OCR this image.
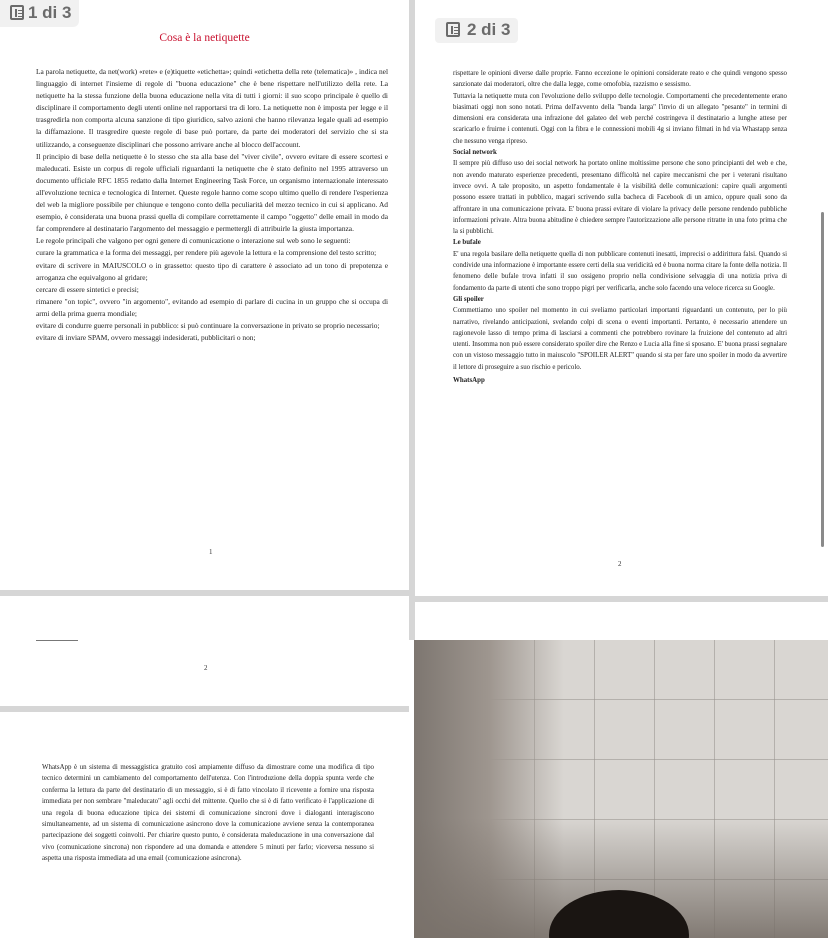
1 di 3
Cosa è la netiquette

La parola netiquette, da net(work) «rete» e (e)tiquette «etichetta»; quindi «etichetta della rete (telematica)» , indica nel linguaggio di internet l'insieme di regole di "buona educazione" che è bene rispettare nell'utilizzo della rete. La netiquette ha la stessa funzione della buona educazione nella vita di tutti i giorni: il suo scopo principale è quello di disciplinare il comportamento degli utenti online nel rapportarsi tra di loro. La netiquette non è imposta per legge e il trasgredirla non comporta alcuna sanzione di tipo giuridico, salvo azioni che hanno rilevanza legale quali ad esempio la diffamazione. Il trasgredire queste regole di base può portare, da parte dei moderatori del servizio che si sta utilizzando, a conseguenze disciplinari che possono arrivare anche al blocco dell'account.

Il principio di base della netiquette è lo stesso che sta alla base del "viver civile", ovvero evitare di essere scortesi e maleducati. Esiste un corpus di regole ufficiali riguardanti la netiquette che è stato definito nel 1995 attraverso un documento ufficiale RFC 1855 redatto dalla Internet Engineering Task Force, un organismo internazionale interessato all'evoluzione tecnica e tecnologica di Internet. Queste regole hanno come scopo ultimo quello di rendere l'esperienza del web la migliore possibile per chiunque e tengono conto della peculiarità del mezzo tecnico in cui si applicano. Ad esempio, è considerata una buona prassi quella di compilare correttamente il campo "oggetto" delle email in modo da far comprendere al destinatario l'argomento del messaggio e permettergli di attribuirle la giusta importanza.

Le regole principali che valgono per ogni genere di comunicazione o interazione sul web sono le seguenti:

curare la grammatica e la forma dei messaggi, per rendere più agevole la lettura e la comprensione del testo scritto;

evitare di scrivere in MAIUSCOLO o in grassetto: questo tipo di carattere è associato ad un tono di prepotenza e arroganza che equivalgono al gridare;

cercare di essere sintetici e precisi;

rimanere "on topic", ovvero "in argomento", evitando ad esempio di parlare di cucina in un gruppo che si occupa di armi della prima guerra mondiale;

evitare di condurre guerre personali in pubblico: si può continuare la conversazione in privato se proprio necessario;

evitare di inviare SPAM, ovvero messaggi indesiderati, pubblicitari o non;

1
2 di 3

rispettare le opinioni diverse dalle proprie. Fanno eccezione le opinioni considerate reato e che quindi vengono spesso sanzionate dai moderatori, oltre che dalla legge, come omofobia, razzismo e sessismo.

Tuttavia la netiquette muta con l'evoluzione dello sviluppo delle tecnologie. Comportamenti che precedentemente erano biasimati oggi non sono notati. Prima dell'avvento della "banda larga" l'invio di un allegato "pesante" in termini di dimensioni era considerata una infrazione del galateo del web perché costringeva il destinatario a lunghe attese per scaricarlo e fruirne i contenuti. Oggi con la fibra e le connessioni mobili 4g si inviano filmati in hd via Whastapp senza che nessuno venga ripreso.

Social network

Il sempre più diffuso uso dei social network ha portato online moltissime persone che sono principianti del web e che, non avendo maturato esperienze precedenti, presentano difficoltà nel capire meccanismi che per i veterani risultano invece ovvi. A tale proposito, un aspetto fondamentale è la visibilità delle comunicazioni: capire quali argomenti possono essere trattati in pubblico, magari scrivendo sulla bacheca di Facebook di un amico, oppure quali sono da affrontare in una comunicazione privata. E' buona prassi evitare di violare la privacy delle persone rendendo pubbliche informazioni private. Altra buona abitudine è chiedere sempre l'autorizzazione alle persone ritratte in una foto prima che la si pubblichi.

Le bufale

E' una regola basilare della netiquette quella di non pubblicare contenuti inesatti, imprecisi o addirittura falsi. Quando si condivide una informazione è importante essere certi della sua veridicità ed è buona norma citare la fonte della notizia. Il fenomeno delle bufale trova infatti il suo ossigeno proprio nella condivisione selvaggia di una notizia priva di fondamento da parte di utenti che sono troppo pigri per verificarla, anche solo facendo una veloce ricerca su Google.

Gli spoiler

Commettiamo uno spoiler nel momento in cui sveliamo particolari importanti riguardanti un contenuto, per lo più narrativo, rivelando anticipazioni, svelando colpi di scena o eventi importanti. Pertanto, è necessario attendere un ragionevole lasso di tempo prima di lasciarsi a commenti che potrebbero rovinare la fruizione del contenuto ad altri utenti. Insomma non può essere considerato spoiler dire che Renzo e Lucia alla fine si sposano. E' buona prassi segnalare con un vistoso messaggio tutto in maiuscolo "SPOILER ALERT" quando si sta per fare uno spoiler in modo da avvertire il lettore di proseguire a suo rischio e pericolo.

WhatsApp
2
2

WhatsApp è un sistema di messaggistica gratuito così ampiamente diffuso da dimostrare come una modifica di tipo tecnico determini un cambiamento del comportamento dell'utenza. Con l'introduzione della doppia spunta verde che conferma la lettura da parte del destinatario di un messaggio, si è di fatto vincolato il ricevente a fornire una risposta immediata per non sembrare "maleducato" agli occhi del mittente. Quello che si è di fatto verificato è l'applicazione di una regola di buona educazione tipica dei sistemi di comunicazione sincroni dove i dialoganti interagiscono simultaneamente, ad un sistema di comunicazione asincrono dove la comunicazione avviene senza la contemporanea partecipazione dei soggetti coinvolti. Per chiarire questo punto, è considerata maleducazione in una conversazione dal vivo (comunicazione sincrona) non rispondere ad una domanda e attendere 5 minuti per farlo; viceversa nessuno si aspetta una risposta immediata ad una email (comunicazione asincrona).
